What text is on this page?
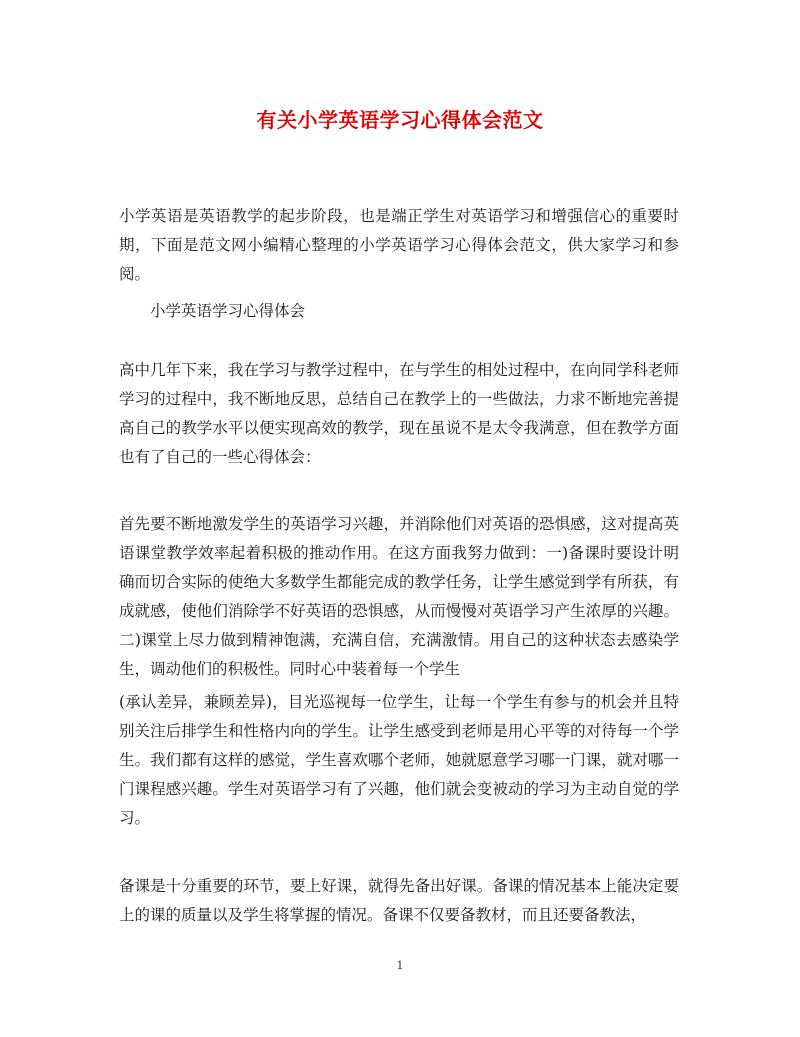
有关小学英语学习心得体会范文

小学英语是英语教学的起步阶段，也是端正学生对英语学习和增强信心的重要时期，下面是范文网小编精心整理的小学英语学习心得体会范文，供大家学习和参阅。

小学英语学习心得体会

高中几年下来，我在学习与教学过程中，在与学生的相处过程中，在向同学科老师学习的过程中，我不断地反思，总结自己在教学上的一些做法，力求不断地完善提高自己的教学水平以便实现高效的教学，现在虽说不是太令我满意，但在教学方面也有了自己的一些心得体会：

首先要不断地激发学生的英语学习兴趣，并消除他们对英语的恐惧感，这对提高英语课堂教学效率起着积极的推动作用。在这方面我努力做到：一)备课时要设计明确而切合实际的使绝大多数学生都能完成的教学任务，让学生感觉到学有所获，有成就感，使他们消除学不好英语的恐惧感，从而慢慢对英语学习产生浓厚的兴趣。二)课堂上尽力做到精神饱满，充满自信，充满激情。用自己的这种状态去感染学生，调动他们的积极性。同时心中装着每一个学生

(承认差异，兼顾差异)，目光巡视每一位学生，让每一个学生有参与的机会并且特别关注后排学生和性格内向的学生。让学生感受到老师是用心平等的对待每一个学生。我们都有这样的感觉，学生喜欢哪个老师，她就愿意学习哪一门课，就对哪一门课程感兴趣。学生对英语学习有了兴趣，他们就会变被动的学习为主动自觉的学习。

备课是十分重要的环节，要上好课，就得先备出好课。备课的情况基本上能决定要上的课的质量以及学生将掌握的情况。备课不仅要备教材，而且还要备教法，

1
